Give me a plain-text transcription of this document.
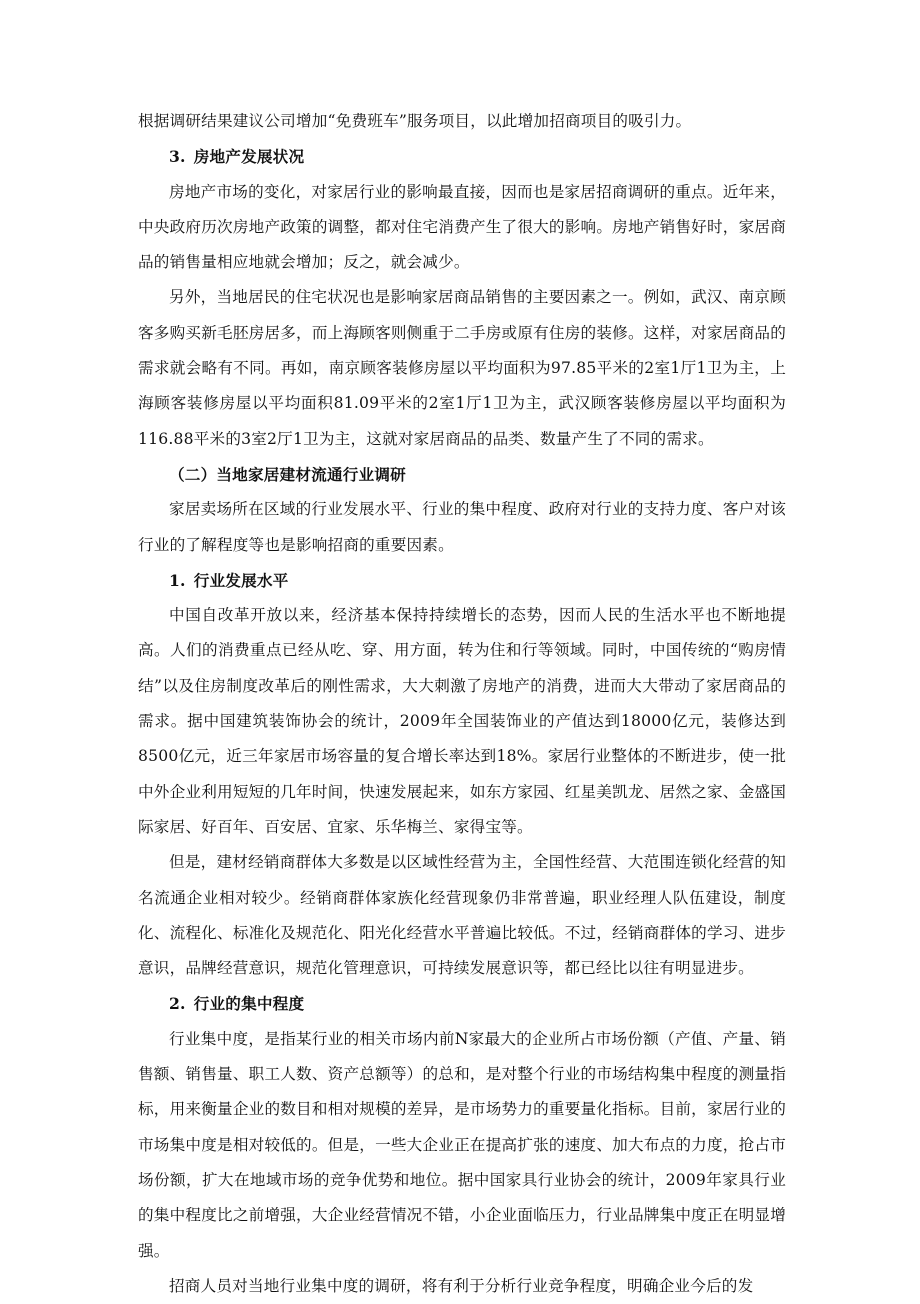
根据调研结果建议公司增加“免费班车”服务项目，以此增加招商项目的吸引力。

3. 房地产发展状况

房地产市场的变化，对家居行业的影响最直接，因而也是家居招商调研的重点。近年来，中央政府历次房地产政策的调整，都对住宅消费产生了很大的影响。房地产销售好时，家居商品的销售量相应地就会增加；反之，就会减少。

另外，当地居民的住宅状况也是影响家居商品销售的主要因素之一。例如，武汉、南京顾客多购买新毛胚房居多，而上海顾客则侧重于二手房或原有住房的装修。这样，对家居商品的需求就会略有不同。再如，南京顾客装修房屋以平均面积为97.85平米的2室1厅1卫为主，上海顾客装修房屋以平均面积81.09平米的2室1厅1卫为主，武汉顾客装修房屋以平均面积为116.88平米的3室2厅1卫为主，这就对家居商品的品类、数量产生了不同的需求。

（二）当地家居建材流通行业调研

家居卖场所在区域的行业发展水平、行业的集中程度、政府对行业的支持力度、客户对该行业的了解程度等也是影响招商的重要因素。

1. 行业发展水平

中国自改革开放以来，经济基本保持持续增长的态势，因而人民的生活水平也不断地提高。人们的消费重点已经从吃、穿、用方面，转为住和行等领域。同时，中国传统的“购房情结”以及住房制度改革后的刚性需求，大大刺激了房地产的消费，进而大大带动了家居商品的需求。据中国建筑装饰协会的统计，2009年全国装饰业的产值达到18000亿元，装修达到8500亿元，近三年家居市场容量的复合增长率达到18%。家居行业整体的不断进步，使一批中外企业利用短短的几年时间，快速发展起来，如东方家园、红星美凯龙、居然之家、金盛国际家居、好百年、百安居、宜家、乐华梅兰、家得宝等。

但是，建材经销商群体大多数是以区域性经营为主，全国性经营、大范围连锁化经营的知名流通企业相对较少。经销商群体家族化经营现象仍非常普遍，职业经理人队伍建设，制度化、流程化、标准化及规范化、阳光化经营水平普遍比较低。不过，经销商群体的学习、进步意识，品牌经营意识，规范化管理意识，可持续发展意识等，都已经比以往有明显进步。

2. 行业的集中程度

行业集中度，是指某行业的相关市场内前N家最大的企业所占市场份额（产值、产量、销售额、销售量、职工人数、资产总额等）的总和，是对整个行业的市场结构集中程度的测量指标，用来衡量企业的数目和相对规模的差异，是市场势力的重要量化指标。目前，家居行业的市场集中度是相对较低的。但是，一些大企业正在提高扩张的速度、加大布点的力度，抢占市场份额，扩大在地域市场的竞争优势和地位。据中国家具行业协会的统计，2009年家具行业的集中程度比之前增强，大企业经营情况不错，小企业面临压力，行业品牌集中度正在明显增强。

招商人员对当地行业集中度的调研，将有利于分析行业竞争程度，明确企业今后的发
